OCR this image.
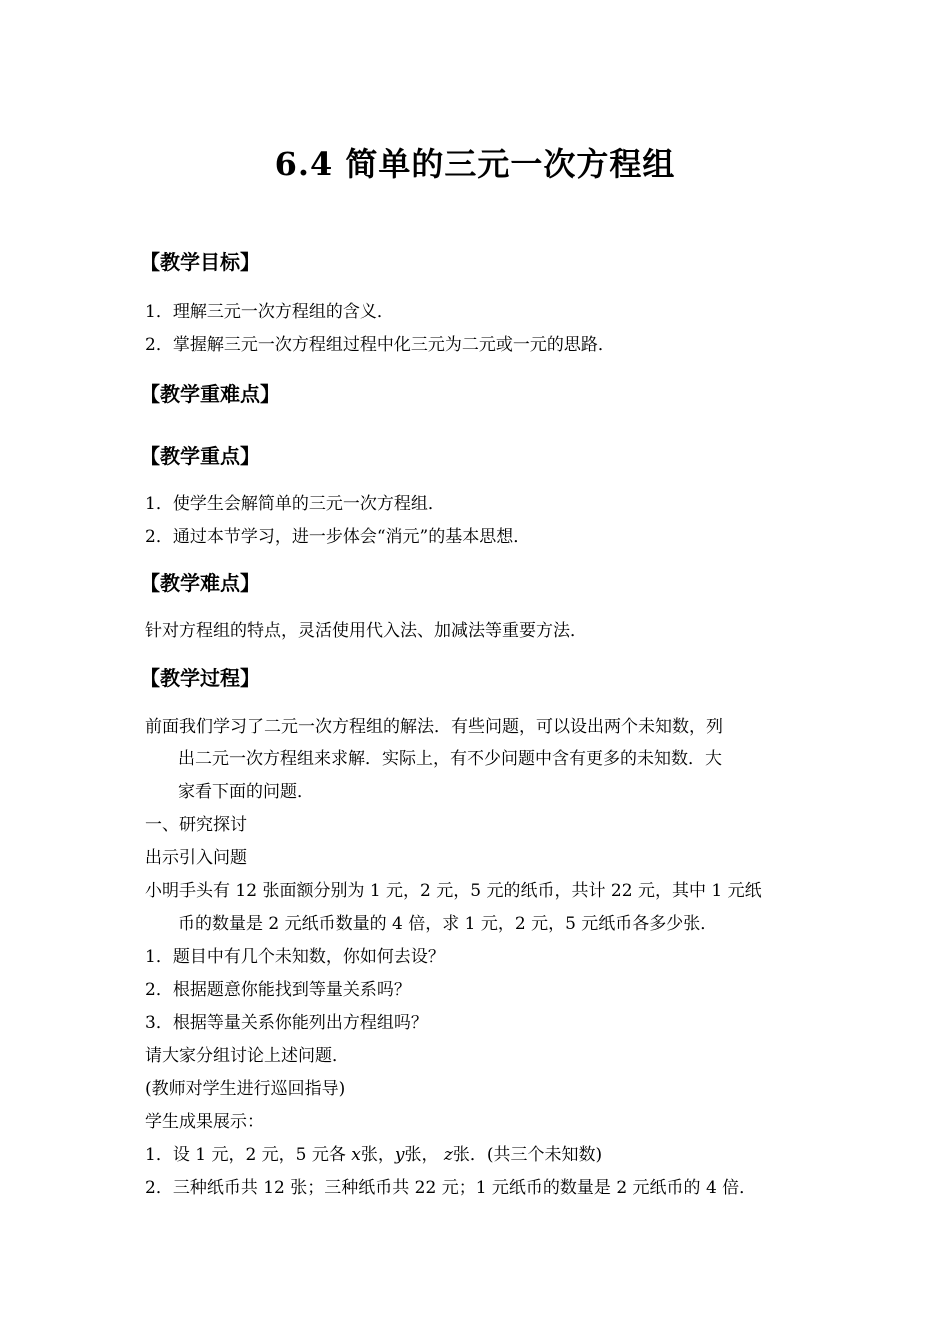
6.4 简单的三元一次方程组
【教学目标】
1．理解三元一次方程组的含义．
2．掌握解三元一次方程组过程中化三元为二元或一元的思路．
【教学重难点】
【教学重点】
1．使学生会解简单的三元一次方程组．
2．通过本节学习，进一步体会“消元”的基本思想．
【教学难点】
针对方程组的特点，灵活使用代入法、加减法等重要方法．
【教学过程】
前面我们学习了二元一次方程组的解法．有些问题，可以设出两个未知数，列
出二元一次方程组来求解．实际上，有不少问题中含有更多的未知数．大
家看下面的问题．
一、研究探讨
出示引入问题
小明手头有 12 张面额分别为 1 元，2 元，5 元的纸币，共计 22 元，其中 1 元纸
币的数量是 2 元纸币数量的 4 倍，求 1 元，2 元，5 元纸币各多少张．
1．题目中有几个未知数，你如何去设？
2．根据题意你能找到等量关系吗？
3．根据等量关系你能列出方程组吗？
请大家分组讨论上述问题．
(教师对学生进行巡回指导)
学生成果展示：
1．设 1 元，2 元，5 元各 x张，y张， z张．(共三个未知数)
2．三种纸币共 12 张；三种纸币共 22 元；1 元纸币的数量是 2 元纸币的 4 倍．
